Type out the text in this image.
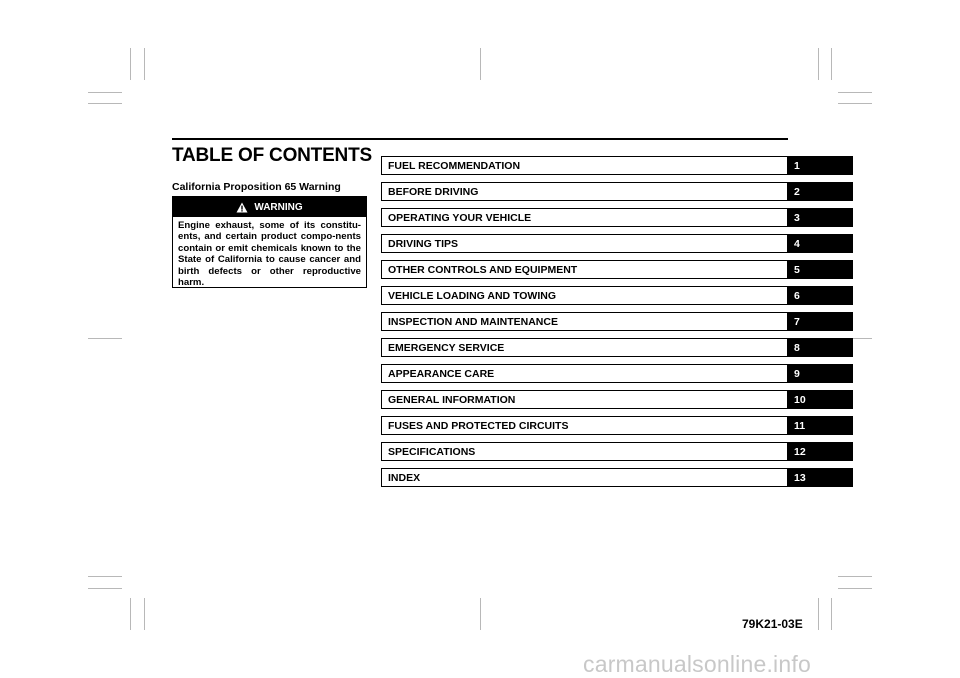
TABLE OF CONTENTS
California Proposition 65 Warning
WARNING
Engine exhaust, some of its constitu-ents, and certain product compo-nents contain or emit chemicals known to the State of California to cause cancer and birth defects or other reproductive harm.
FUEL RECOMMENDATION	1
BEFORE DRIVING	2
OPERATING YOUR VEHICLE	3
DRIVING TIPS	4
OTHER CONTROLS AND EQUIPMENT	5
VEHICLE LOADING AND TOWING	6
INSPECTION AND MAINTENANCE	7
EMERGENCY SERVICE	8
APPEARANCE CARE	9
GENERAL INFORMATION	10
FUSES AND PROTECTED CIRCUITS	11
SPECIFICATIONS	12
INDEX	13
79K21-03E
carmanualsonline.info
